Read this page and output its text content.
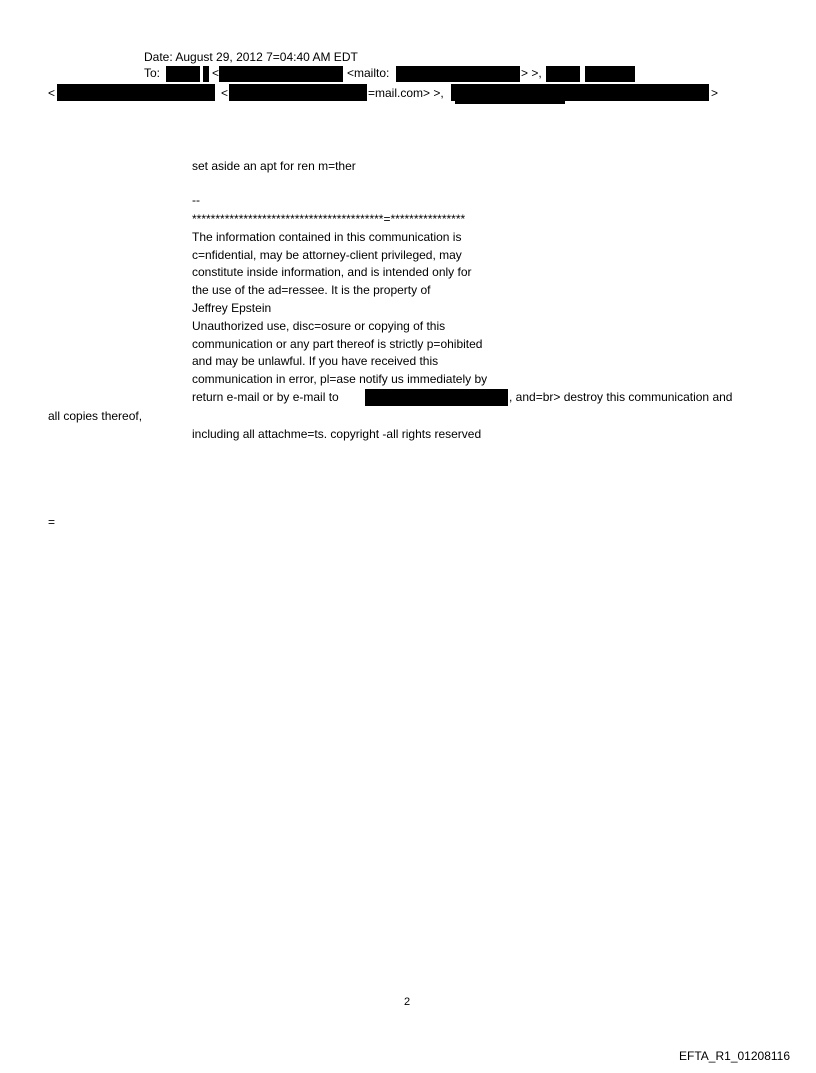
Date: August 29, 2012 7=04:40 AM EDT
To:	<	<mailto:	> >,
<	<	=mail.com> >,	>
set aside an apt for ren m=ther
--
*****************************************=****************
The information contained in this communication is
c=nfidential, may be attorney-client privileged, may
constitute inside information, and is intended only for
the use of the ad=ressee. It is the property of
Jeffrey Epstein
Unauthorized use, disc=osure or copying of this
communication or any part thereof is strictly p=ohibited
and may be unlawful. If you have received this
communication in error, pl=ase notify us immediately by
return e-mail or by e-mail to	, and=br> destroy this communication and
all copies thereof,
including all attachme=ts. copyright -all rights reserved
=
2
EFTA_R1_01208116
